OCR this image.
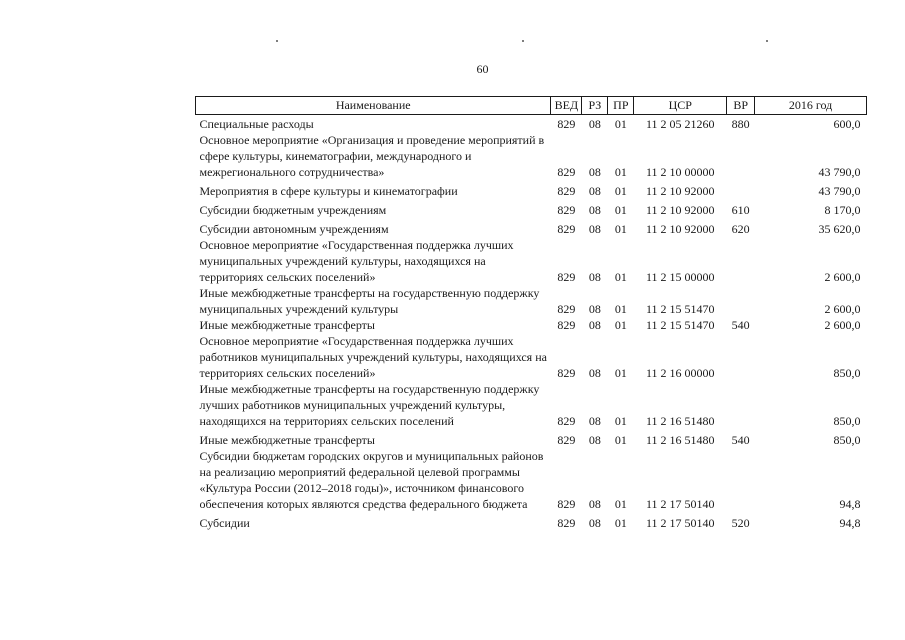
60
Наименование	ВЕД	РЗ	ПР	ЦСР	ВР	2016 год
Специальные расходы	829	08	01	11 2 05 21260	880	600,0
Основное мероприятие «Организация и проведение мероприятий в сфере культуры, кинематографии, международного и межрегионального сотрудничества»	829	08	01	11 2 10 00000		43 790,0
Мероприятия в сфере культуры и кинематографии	829	08	01	11 2 10 92000		43 790,0
Субсидии бюджетным учреждениям	829	08	01	11 2 10 92000	610	8 170,0
Субсидии автономным учреждениям	829	08	01	11 2 10 92000	620	35 620,0
Основное мероприятие «Государственная поддержка лучших муниципальных учреждений культуры, находящихся на территориях сельских поселений»	829	08	01	11 2 15 00000		2 600,0
Иные межбюджетные трансферты на государственную поддержку муниципальных учреждений культуры	829	08	01	11 2 15 51470		2 600,0
Иные межбюджетные трансферты	829	08	01	11 2 15 51470	540	2 600,0
Основное мероприятие «Государственная поддержка лучших работников муниципальных учреждений культуры, находящихся на территориях сельских поселений»	829	08	01	11 2 16 00000		850,0
Иные межбюджетные трансферты на государственную поддержку лучших работников муниципальных учреждений культуры, находящихся на территориях сельских поселений	829	08	01	11 2 16 51480		850,0
Иные межбюджетные трансферты	829	08	01	11 2 16 51480	540	850,0
Субсидии бюджетам городских округов и муниципальных районов на реализацию мероприятий федеральной целевой программы «Культура России (2012–2018 годы)», источником финансового обеспечения которых являются средства федерального бюджета	829	08	01	11 2 17 50140		94,8
Субсидии	829	08	01	11 2 17 50140	520	94,8
